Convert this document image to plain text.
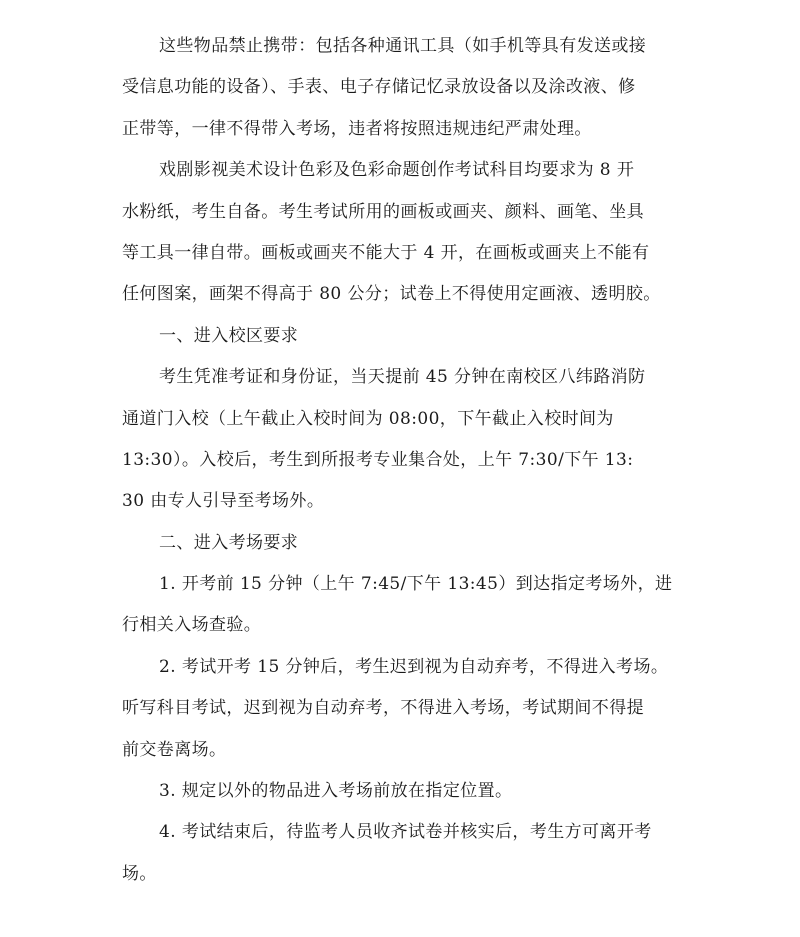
这些物品禁止携带：包括各种通讯工具（如手机等具有发送或接
受信息功能的设备）、手表、电子存储记忆录放设备以及涂改液、修
正带等，一律不得带入考场，违者将按照违规违纪严肃处理。

戏剧影视美术设计色彩及色彩命题创作考试科目均要求为 8 开
水粉纸，考生自备。考生考试所用的画板或画夹、颜料、画笔、坐具
等工具一律自带。画板或画夹不能大于 4 开，在画板或画夹上不能有
任何图案，画架不得高于 80 公分；试卷上不得使用定画液、透明胶。

一、进入校区要求

考生凭准考证和身份证，当天提前 45 分钟在南校区八纬路消防
通道门入校（上午截止入校时间为 08:00，下午截止入校时间为
13:30）。入校后，考生到所报考专业集合处，上午 7:30/下午 13:
30 由专人引导至考场外。

二、进入考场要求

1. 开考前 15 分钟（上午 7:45/下午 13:45）到达指定考场外，进
行相关入场查验。

2. 考试开考 15 分钟后，考生迟到视为自动弃考，不得进入考场。
听写科目考试，迟到视为自动弃考，不得进入考场，考试期间不得提
前交卷离场。

3. 规定以外的物品进入考场前放在指定位置。

4. 考试结束后，待监考人员收齐试卷并核实后，考生方可离开考
场。
